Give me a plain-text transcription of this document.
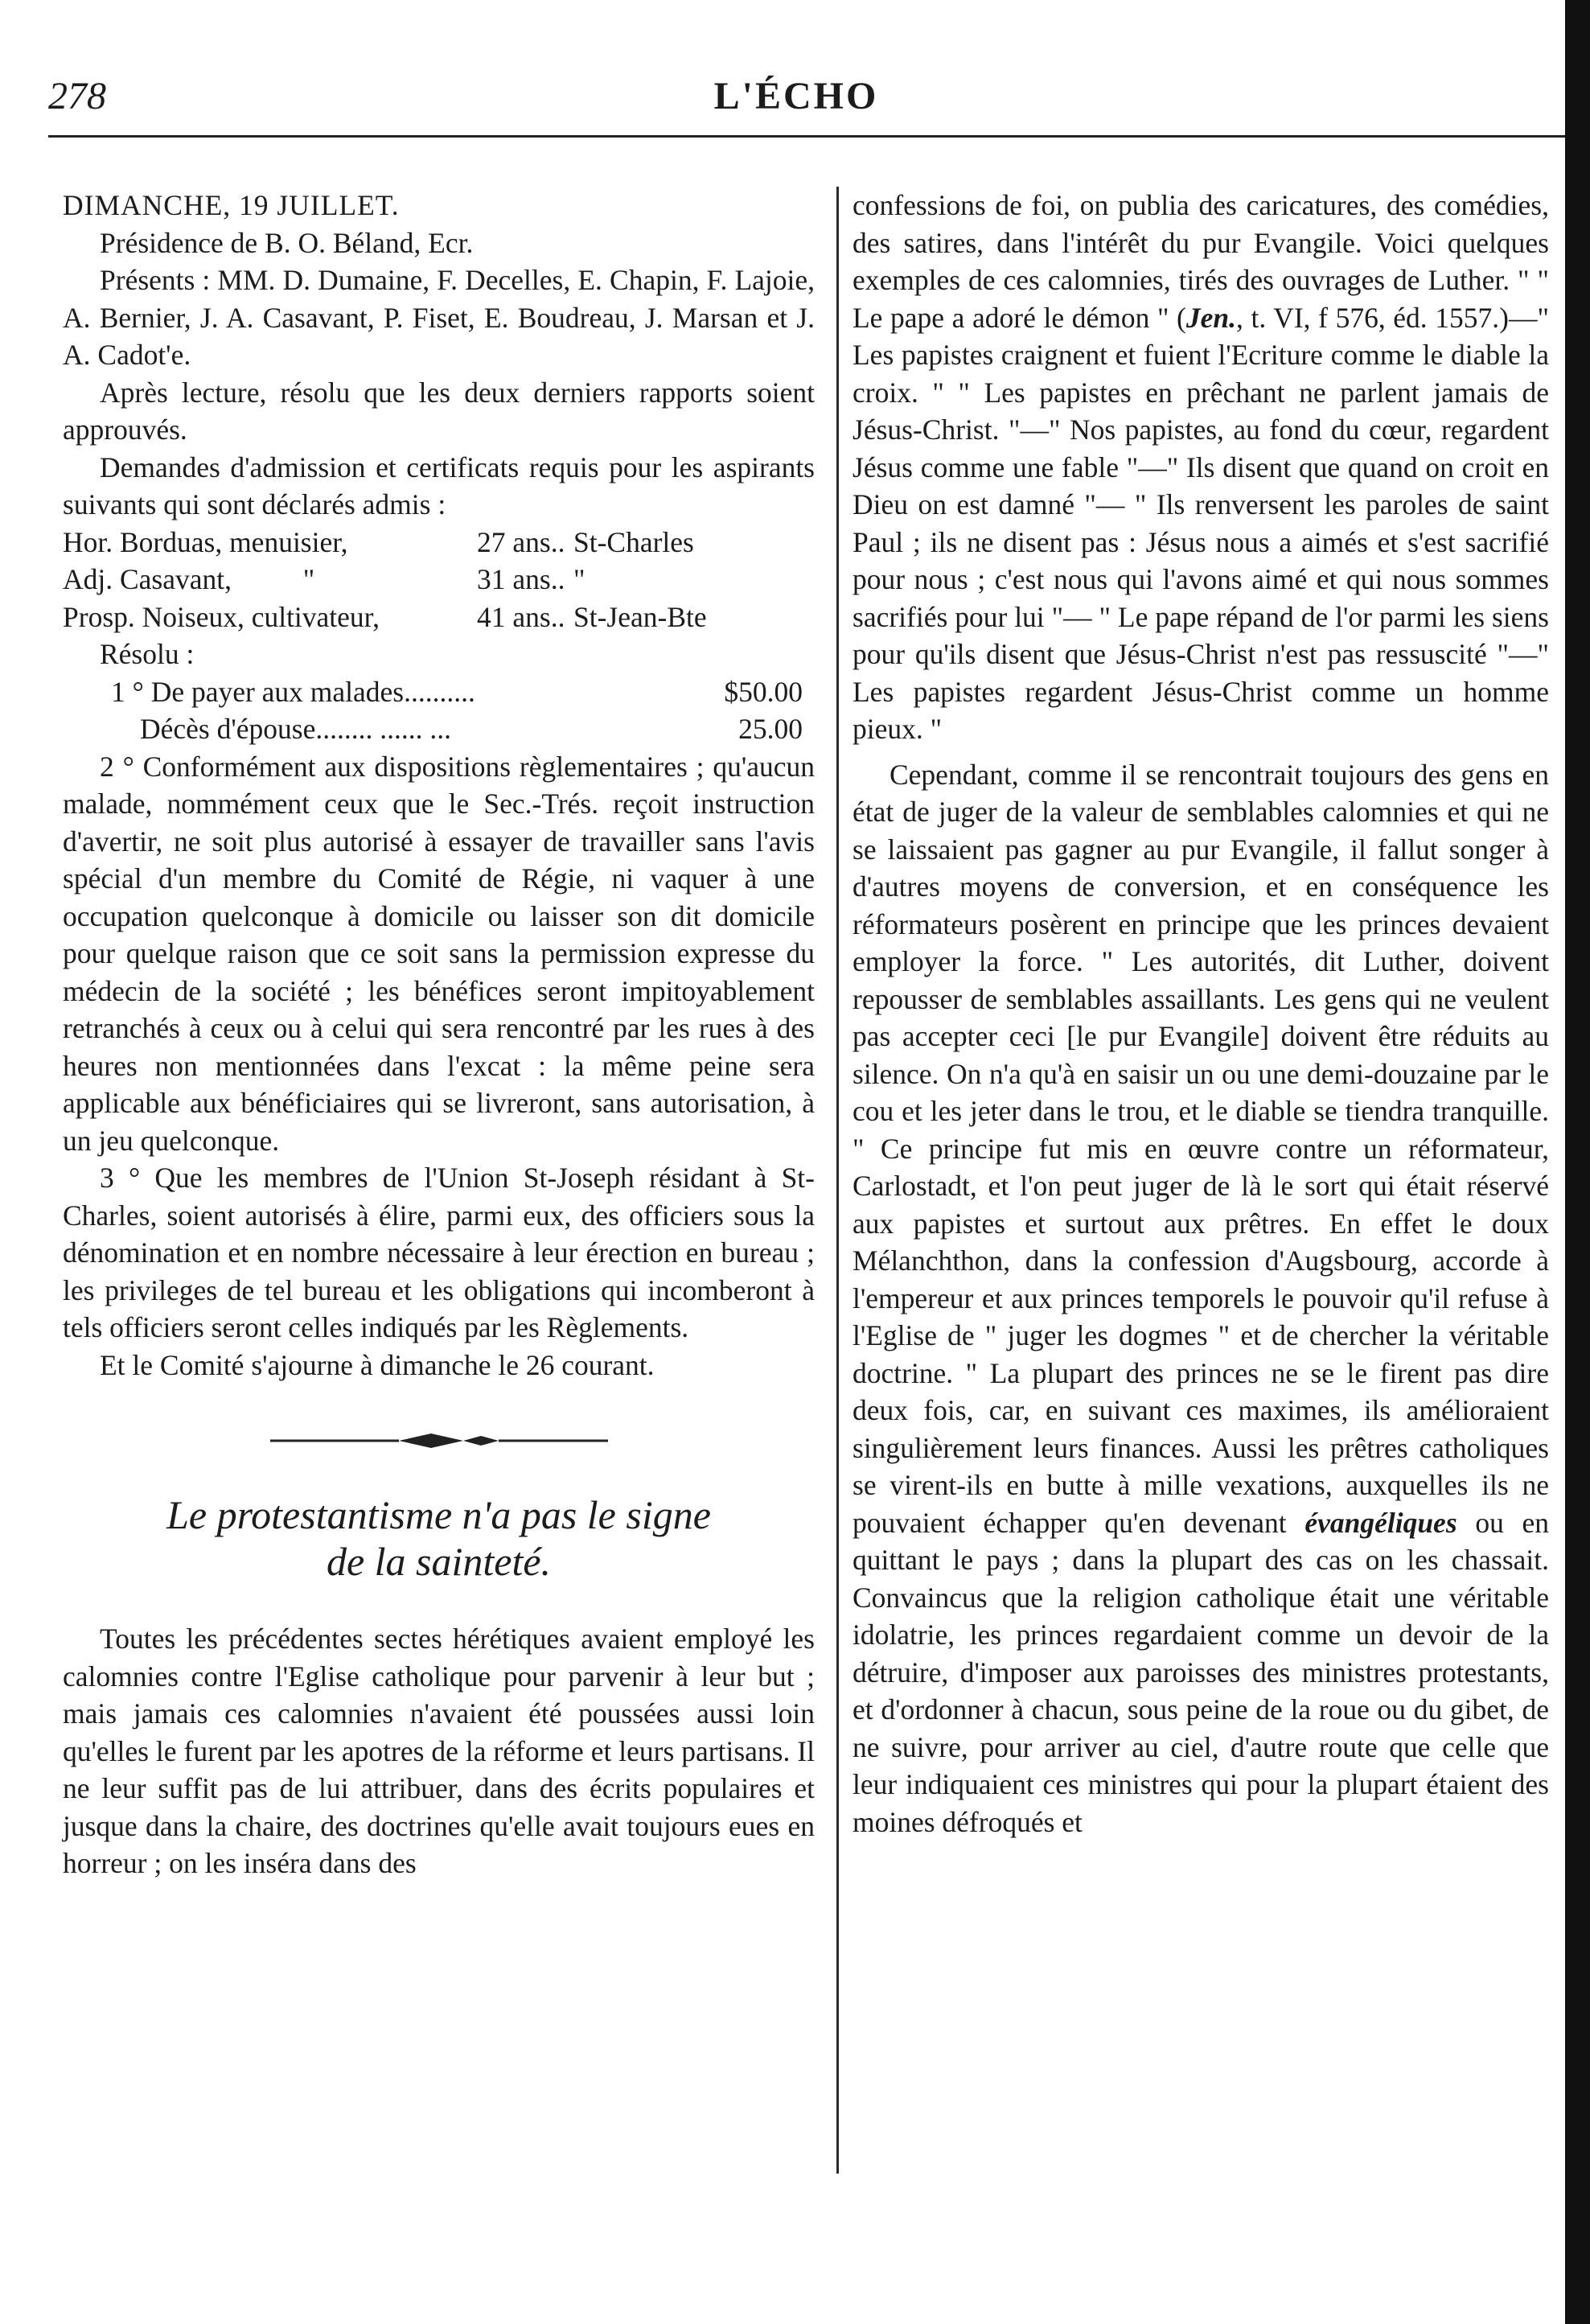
278	L'ÉCHO

DIMANCHE, 19 JUILLET.

Présidence de B. O. Béland, Ecr.

Présents : MM. D. Dumaine, F. Decelles, E. Chapin, F. Lajoie, A. Bernier, J. A. Casavant, P. Fiset, E. Boudreau, J. Marsan et J. A. Cadot'e.

Après lecture, résolu que les deux derniers rapports soient approuvés.

Demandes d'admission et certificats requis pour les aspirants suivants qui sont déclarés admis :

Hor. Borduas, menuisier,	27 ans.. St-Charles
Adj. Casavant,          "	31 ans.. "
Prosp. Noiseux, cultivateur,	41 ans.. St-Jean-Bte

Résolu :

1 ° De payer aux malades..........	$50.00
Décès d'épouse........ ...... ...	25.00

2 ° Conformément aux dispositions règlementaires ; qu'aucun malade, nommément ceux que le Sec.-Trés. reçoit instruction d'avertir, ne soit plus autorisé à essayer de travailler sans l'avis spécial d'un membre du Comité de Régie, ni vaquer à une occupation quelconque à domicile ou laisser son dit domicile pour quelque raison que ce soit sans la permission expresse du médecin de la société ; les bénéfices seront impitoyablement retranchés à ceux ou à celui qui sera rencontré par les rues à des heures non mentionnées dans l'excat : la même peine sera applicable aux bénéficiaires qui se livreront, sans autorisation, à un jeu quelconque.

3 ° Que les membres de l'Union St-Joseph résidant à St-Charles, soient autorisés à élire, parmi eux, des officiers sous la dénomination et en nombre nécessaire à leur érection en bureau ; les privileges de tel bureau et les obligations qui incomberont à tels officiers seront celles indiqués par les Règlements.

Et le Comité s'ajourne à dimanche le 26 courant.

Le protestantisme n'a pas le signe
de la sainteté.

Toutes les précédentes sectes hérétiques avaient employé les calomnies contre l'Eglise catholique pour parvenir à leur but ; mais jamais ces calomnies n'avaient été poussées aussi loin qu'elles le furent par les apotres de la réforme et leurs partisans. Il ne leur suffit pas de lui attribuer, dans des écrits populaires et jusque dans la chaire, des doctrines qu'elle avait toujours eues en horreur ; on les inséra dans des

confessions de foi, on publia des caricatures, des comédies, des satires, dans l'intérêt du pur Evangile. Voici quelques exemples de ces calomnies, tirés des ouvrages de Luther. " " Le pape a adoré le démon " (Jen., t. VI, f 576, éd. 1557.)—" Les papistes craignent et fuient l'Ecriture comme le diable la croix. " " Les papistes en prêchant ne parlent jamais de Jésus-Christ. "—" Nos papistes, au fond du cœur, regardent Jésus comme une fable "—" Ils disent que quand on croit en Dieu on est damné "— " Ils renversent les paroles de saint Paul ; ils ne disent pas : Jésus nous a aimés et s'est sacrifié pour nous ; c'est nous qui l'avons aimé et qui nous sommes sacrifiés pour lui "— " Le pape répand de l'or parmi les siens pour qu'ils disent que Jésus-Christ n'est pas ressuscité "—" Les papistes regardent Jésus-Christ comme un homme pieux. "

Cependant, comme il se rencontrait toujours des gens en état de juger de la valeur de semblables calomnies et qui ne se laissaient pas gagner au pur Evangile, il fallut songer à d'autres moyens de conversion, et en conséquence les réformateurs posèrent en principe que les princes devaient employer la force. " Les autorités, dit Luther, doivent repousser de semblables assaillants. Les gens qui ne veulent pas accepter ceci [le pur Evangile] doivent être réduits au silence. On n'a qu'à en saisir un ou une demi-douzaine par le cou et les jeter dans le trou, et le diable se tiendra tranquille. " Ce principe fut mis en œuvre contre un réformateur, Carlostadt, et l'on peut juger de là le sort qui était réservé aux papistes et surtout aux prêtres. En effet le doux Mélanchthon, dans la confession d'Augsbourg, accorde à l'empereur et aux princes temporels le pouvoir qu'il refuse à l'Eglise de " juger les dogmes " et de chercher la véritable doctrine. " La plupart des princes ne se le firent pas dire deux fois, car, en suivant ces maximes, ils amélioraient singulièrement leurs finances. Aussi les prêtres catholiques se virent-ils en butte à mille vexations, auxquelles ils ne pouvaient échapper qu'en devenant évangéliques ou en quittant le pays ; dans la plupart des cas on les chassait. Convaincus que la religion catholique était une véritable idolatrie, les princes regardaient comme un devoir de la détruire, d'imposer aux paroisses des ministres protestants, et d'ordonner à chacun, sous peine de la roue ou du gibet, de ne suivre, pour arriver au ciel, d'autre route que celle que leur indiquaient ces ministres qui pour la plupart étaient des moines défroqués et
